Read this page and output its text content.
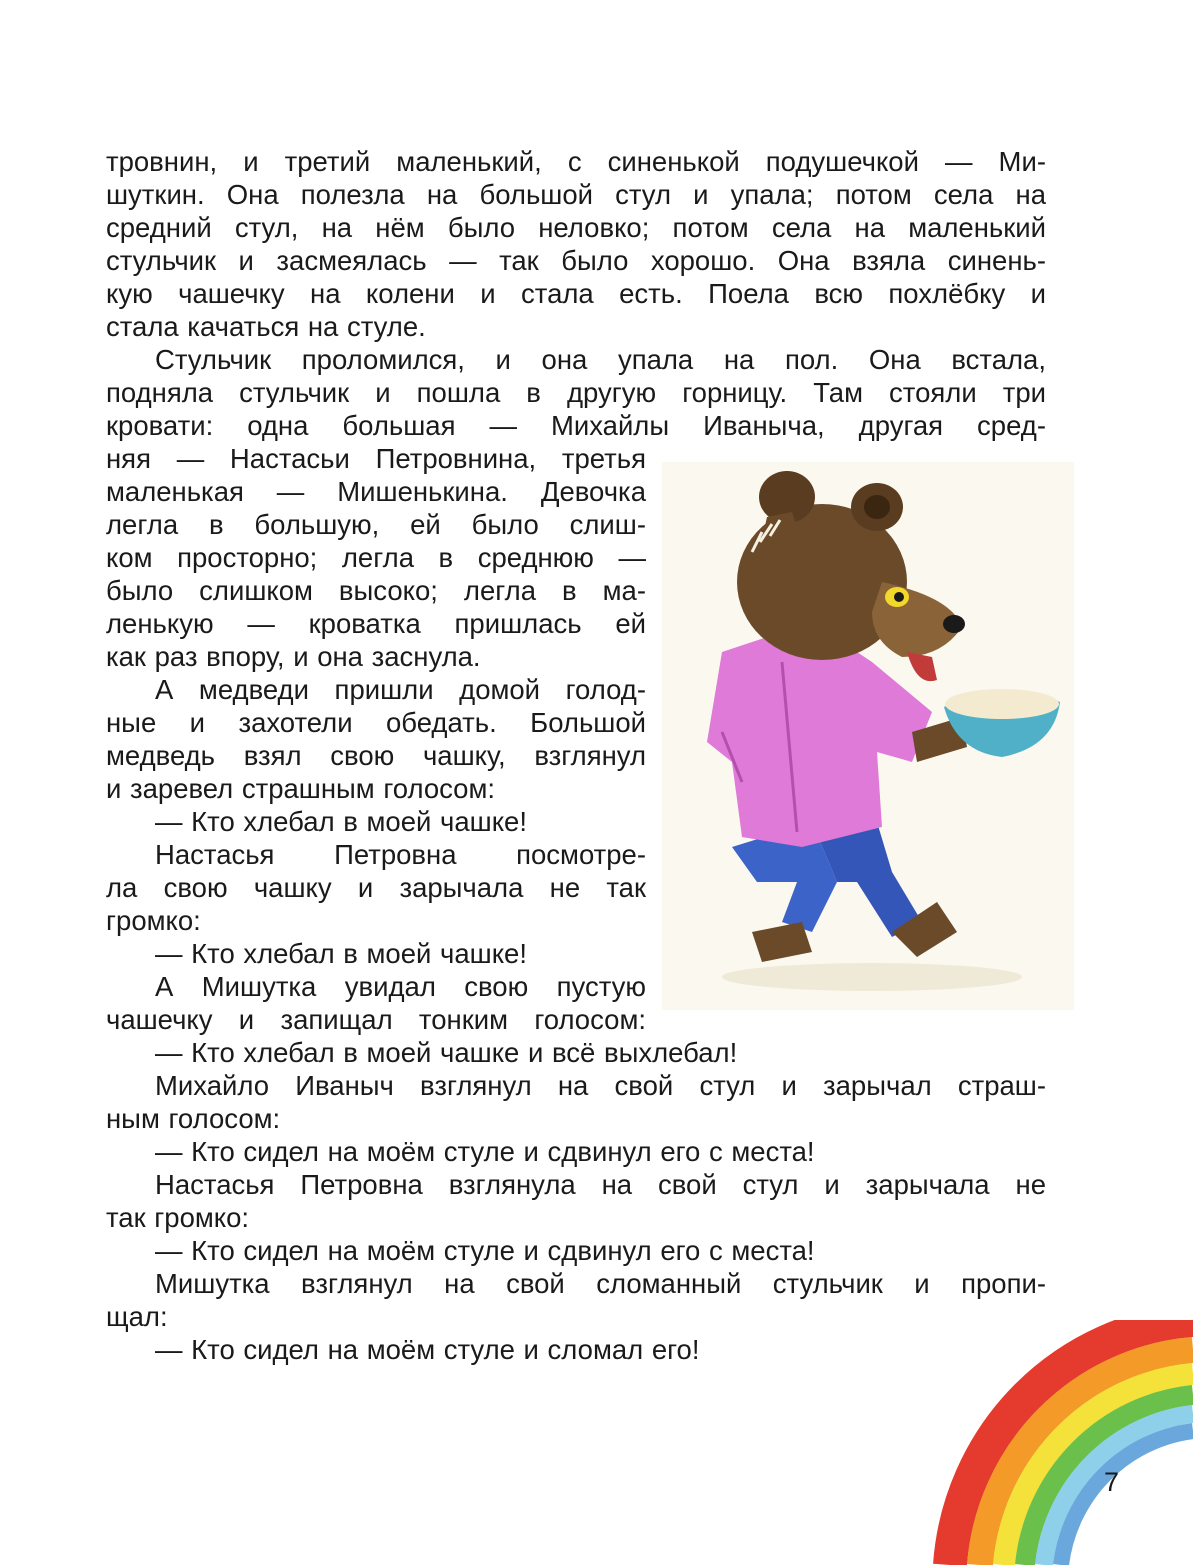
тровнин, и третий маленький, с синенькой подушечкой — Ми-
шуткин. Она полезла на большой стул и упала; потом села на
средний стул, на нём было неловко; потом села на маленький
стульчик и засмеялась — так было хорошо. Она взяла синень-
кую чашечку на колени и стала есть. Поела всю похлёбку и
стала качаться на стуле.
Стульчик проломился, и она упала на пол. Она встала,
подняла стульчик и пошла в другую горницу. Там стояли три
кровати: одна большая — Михайлы Иваныча, другая сред-
няя — Настасьи Петровнина, третья
маленькая — Мишенькина. Девочка
легла в большую, ей было слиш-
ком просторно; легла в среднюю —
было слишком высоко; легла в ма-
ленькую — кроватка пришлась ей
как раз впору, и она заснула.
А медведи пришли домой голод-
ные и захотели обедать. Большой
медведь взял свою чашку, взглянул
и заревел страшным голосом:
— Кто хлебал в моей чашке!
Настасья Петровна посмотре-
ла свою чашку и зарычала не так
громко:
— Кто хлебал в моей чашке!
А Мишутка увидал свою пустую
чашечку и запищал тонким голосом:
— Кто хлебал в моей чашке и всё выхлебал!
Михайло Иваныч взглянул на свой стул и зарычал страш-
ным голосом:
— Кто сидел на моём стуле и сдвинул его с места!
Настасья Петровна взглянула на свой стул и зарычала не
так громко:
— Кто сидел на моём стуле и сдвинул его с места!
Мишутка взглянул на свой сломанный стульчик и пропи-
щал:
— Кто сидел на моём стуле и сломал его!
7
